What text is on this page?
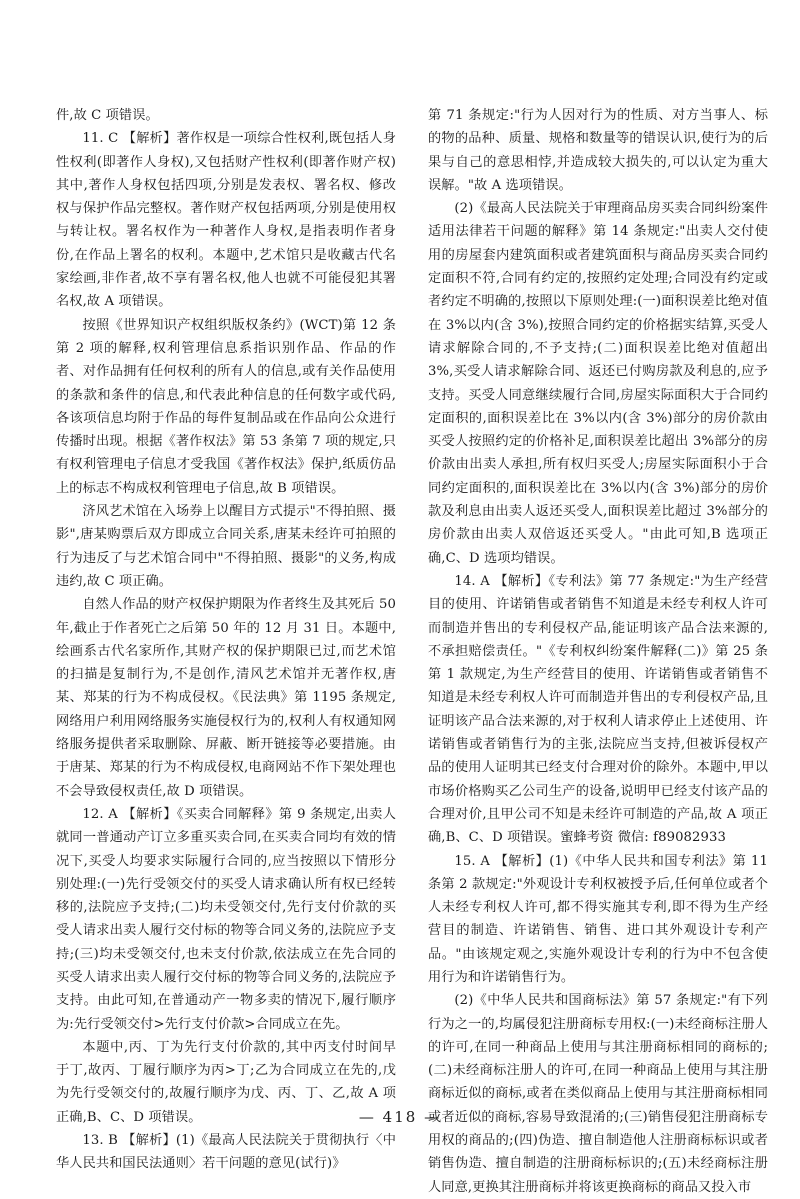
件,故 C 项错误。

11. C 【解析】著作权是一项综合性权利,既包括人身性权利(即著作人身权),又包括财产性权利(即著作财产权)其中,著作人身权包括四项,分别是发表权、署名权、修改权与保护作品完整权。著作财产权包括两项,分别是使用权与转让权。署名权作为一种著作人身权,是指表明作者身份,在作品上署名的权利。本题中,艺术馆只是收藏古代名家绘画,非作者,故不享有署名权,他人也就不可能侵犯其署名权,故 A 项错误。

按照《世界知识产权组织版权条约》(WCT)第 12 条第 2 项的解释,权利管理信息系指识别作品、作品的作者、对作品拥有任何权利的所有人的信息,或有关作品使用的条款和条件的信息,和代表此种信息的任何数字或代码,各该项信息均附于作品的每件复制品或在作品向公众进行传播时出现。根据《著作权法》第 53 条第 7 项的规定,只有权利管理电子信息才受我国《著作权法》保护,纸质仿品上的标志不构成权利管理电子信息,故 B 项错误。

济风艺术馆在入场券上以醒目方式提示"不得拍照、摄影",唐某购票后双方即成立合同关系,唐某未经许可拍照的行为违反了与艺术馆合同中"不得拍照、摄影"的义务,构成违约,故 C 项正确。

自然人作品的财产权保护期限为作者终生及其死后 50 年,截止于作者死亡之后第 50 年的 12 月 31 日。本题中,绘画系古代名家所作,其财产权的保护期限已过,而艺术馆的扫描是复制行为,不是创作,清风艺术馆并无著作权,唐某、郑某的行为不构成侵权。《民法典》第 1195 条规定,网络用户利用网络服务实施侵权行为的,权利人有权通知网络服务提供者采取删除、屏蔽、断开链接等必要措施。由于唐某、郑某的行为不构成侵权,电商网站不作下架处理也不会导致侵权责任,故 D 项错误。

12. A 【解析】《买卖合同解释》第 9 条规定,出卖人就同一普通动产订立多重买卖合同,在买卖合同均有效的情况下,买受人均要求实际履行合同的,应当按照以下情形分别处理:(一)先行受领交付的买受人请求确认所有权已经转移的,法院应予支持;(二)均未受领交付,先行支付价款的买受人请求出卖人履行交付标的物等合同义务的,法院应予支持;(三)均未受领交付,也未支付价款,依法成立在先合同的买受人请求出卖人履行交付标的物等合同义务的,法院应予支持。由此可知,在普通动产一物多卖的情况下,履行顺序为:先行受领交付>先行支付价款>合同成立在先。

本题中,丙、丁为先行支付价款的,其中丙支付时间早于丁,故丙、丁履行顺序为丙>丁;乙为合同成立在先的,戊为先行受领交付的,故履行顺序为戊、丙、丁、乙,故 A 项正确,B、C、D 项错误。

13. B 【解析】(1)《最高人民法院关于贯彻执行〈中华人民共和国民法通则〉若干问题的意见(试行)》

第 71 条规定:"行为人因对行为的性质、对方当事人、标的物的品种、质量、规格和数量等的错误认识,使行为的后果与自己的意思相悖,并造成较大损失的,可以认定为重大误解。"故 A 选项错误。

(2)《最高人民法院关于审理商品房买卖合同纠纷案件适用法律若干问题的解释》第 14 条规定:"出卖人交付使用的房屋套内建筑面积或者建筑面积与商品房买卖合同约定面积不符,合同有约定的,按照约定处理;合同没有约定或者约定不明确的,按照以下原则处理:(一)面积误差比绝对值在 3%以内(含 3%),按照合同约定的价格据实结算,买受人请求解除合同的,不予支持;(二)面积误差比绝对值超出 3%,买受人请求解除合同、返还已付购房款及利息的,应予支持。买受人同意继续履行合同,房屋实际面积大于合同约定面积的,面积误差比在 3%以内(含 3%)部分的房价款由买受人按照约定的价格补足,面积误差比超出 3%部分的房价款由出卖人承担,所有权归买受人;房屋实际面积小于合同约定面积的,面积误差比在 3%以内(含 3%)部分的房价款及利息由出卖人返还买受人,面积误差比超过 3%部分的房价款由出卖人双倍返还买受人。"由此可知,B 选项正确,C、D 选项均错误。

14. A 【解析】《专利法》第 77 条规定:"为生产经营目的使用、许诺销售或者销售不知道是未经专利权人许可而制造并售出的专利侵权产品,能证明该产品合法来源的,不承担赔偿责任。"《专利权纠纷案件解释(二)》第 25 条第 1 款规定,为生产经营目的使用、许诺销售或者销售不知道是未经专利权人许可而制造并售出的专利侵权产品,且证明该产品合法来源的,对于权利人请求停止上述使用、许诺销售或者销售行为的主张,法院应当支持,但被诉侵权产品的使用人证明其已经支付合理对价的除外。本题中,甲以市场价格购买乙公司生产的设备,说明甲已经支付该产品的合理对价,且甲公司不知是未经许可制造的产品,故 A 项正确,B、C、D 项错误。蜜蜂考资 微信: f89082933

15. A 【解析】(1)《中华人民共和国专利法》第 11 条第 2 款规定:"外观设计专利权被授予后,任何单位或者个人未经专利权人许可,都不得实施其专利,即不得为生产经营目的制造、许诺销售、销售、进口其外观设计专利产品。"由该规定观之,实施外观设计专利的行为中不包含使用行为和许诺销售行为。

(2)《中华人民共和国商标法》第 57 条规定:"有下列行为之一的,均属侵犯注册商标专用权:(一)未经商标注册人的许可,在同一种商品上使用与其注册商标相同的商标的;(二)未经商标注册人的许可,在同一种商品上使用与其注册商标近似的商标,或者在类似商品上使用与其注册商标相同或者近似的商标,容易导致混淆的;(三)销售侵犯注册商标专用权的商品的;(四)伪造、擅自制造他人注册商标标识或者销售伪造、擅自制造的注册商标标识的;(五)未经商标注册人同意,更换其注册商标并将该更换商标的商品又投入市

— 418 —
